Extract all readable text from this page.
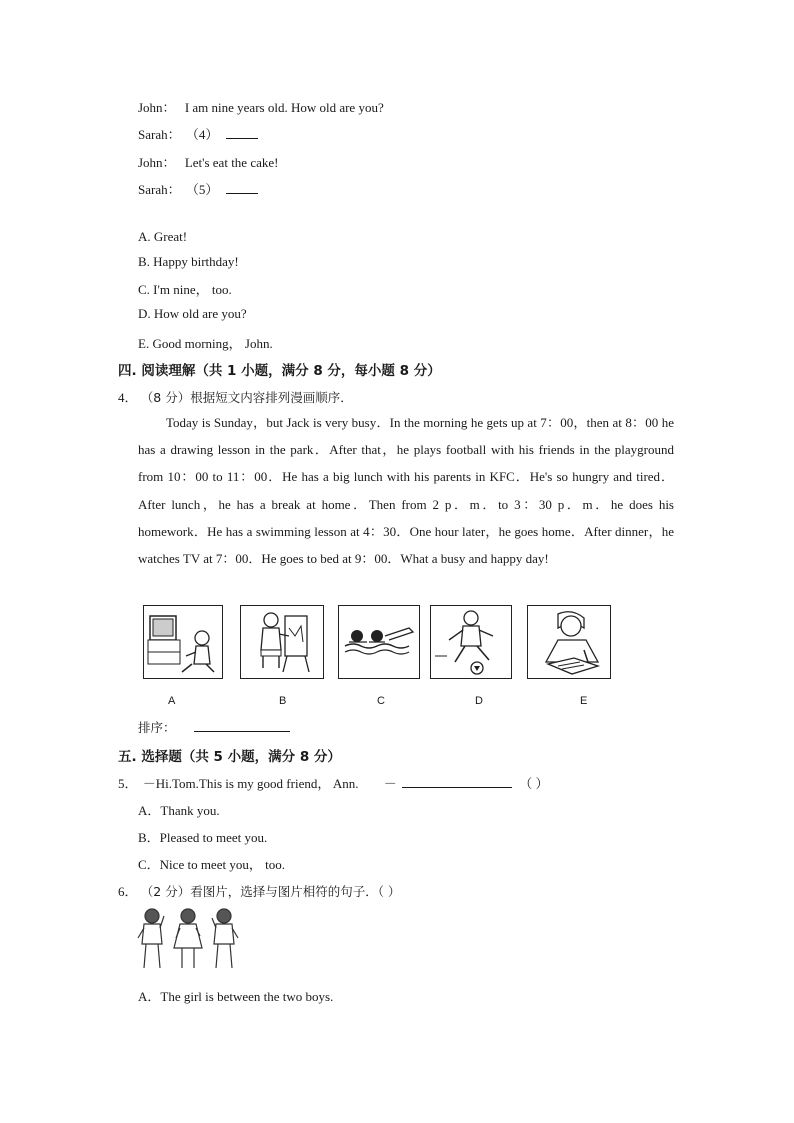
John： I am nine years old. How old are you?
Sarah： （4）
John： Let's eat the cake!
Sarah： （5）
A. Great!
B. Happy birthday!
C. I'm nine， too.
D. How old are you?
E. Good morning， John.
四. 阅读理解（共 1 小题，满分 8 分，每小题 8 分）
4． （8 分）根据短文内容排列漫画顺序．
Today is Sunday，but Jack is very busy．In the morning he gets up at 7：00，then at 8：00 he has a drawing lesson in the park．After that，he plays football with his friends in the playground from 10：00 to 11：00．He has a big lunch with his parents in KFC．He's so hungry and tired．After lunch，he has a break at home．Then from 2 p．m．to 3：30 p．m．he does his homework．He has a swimming lesson at 4：30．One hour later，he goes home．After dinner，he watches TV at 7：00．He goes to bed at 9：00．What a busy and happy day!
A	B	C	D	E
排序：
五. 选择题（共 5 小题，满分 8 分）
5． －Hi.Tom.This is my good friend， Ann. －	（ ）
A．Thank you.
B．Pleased to meet you.
C．Nice to meet you， too.
6． （2 分）看图片，选择与图片相符的句子．（ ）
A．The girl is between the two boys.
